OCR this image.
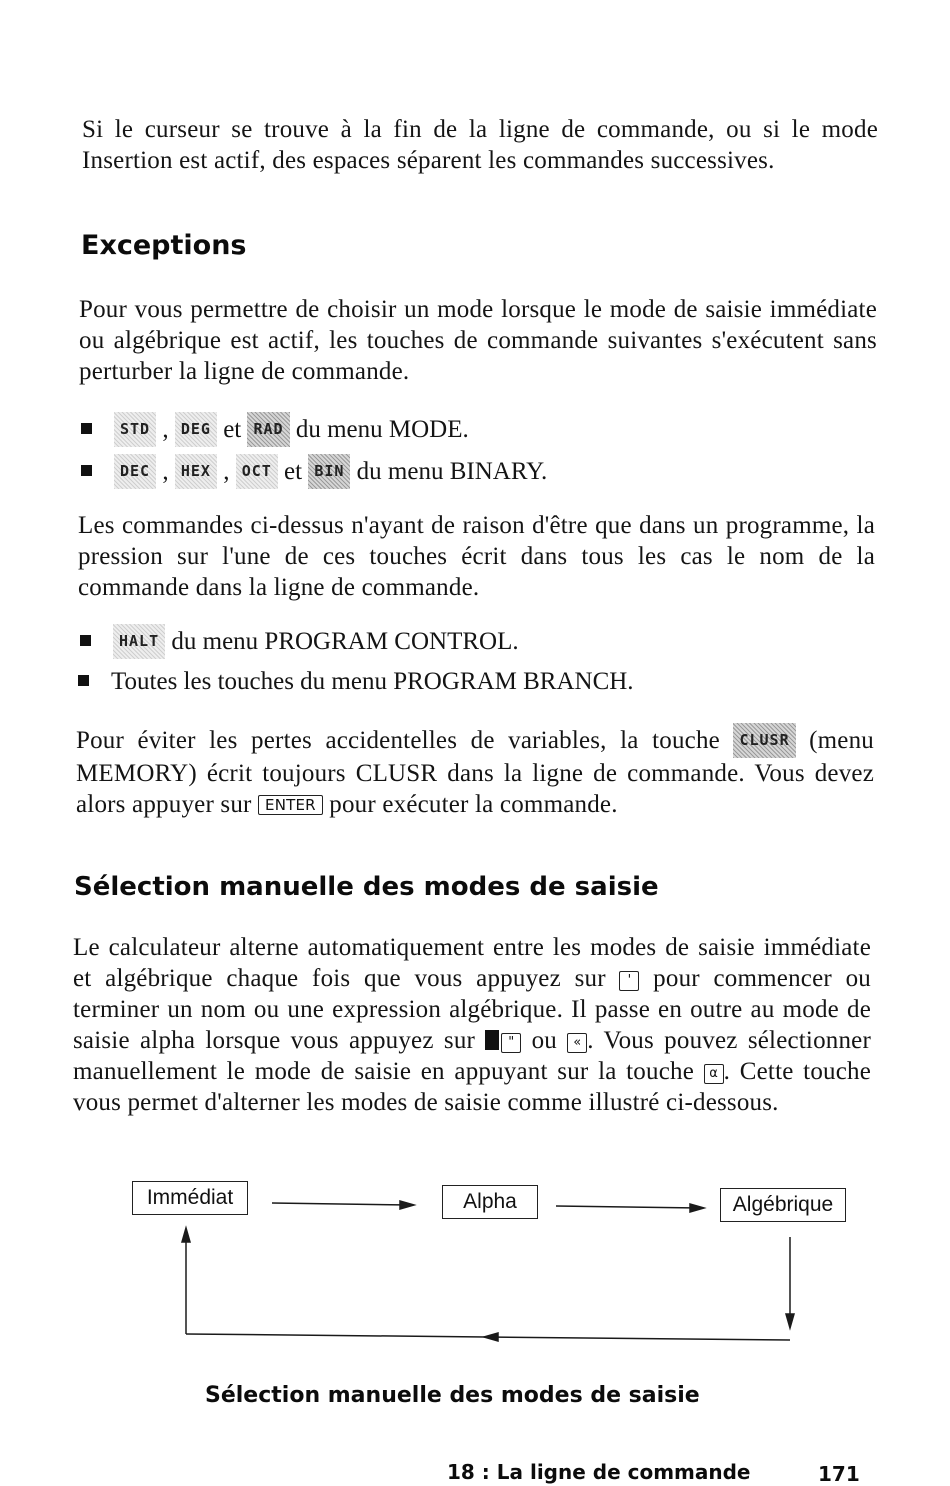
Si le curseur se trouve à la fin de la ligne de commande, ou si le mode Insertion est actif, des espaces séparent les commandes successives.

Exceptions

Pour vous permettre de choisir un mode lorsque le mode de saisie immédiate ou algébrique est actif, les touches de commande suivantes s'exécutent sans perturber la ligne de commande.

STD , DEG et RAD du menu MODE.
DEC , HEX , OCT et BIN du menu BINARY.

Les commandes ci-dessus n'ayant de raison d'être que dans un programme, la pression sur l'une de ces touches écrit dans tous les cas le nom de la commande dans la ligne de commande.

HALT du menu PROGRAM CONTROL.
Toutes les touches du menu PROGRAM BRANCH.

Pour éviter les pertes accidentelles de variables, la touche CLUSR (menu MEMORY) écrit toujours CLUSR dans la ligne de commande. Vous devez alors appuyer sur ENTER pour exécuter la commande.

Sélection manuelle des modes de saisie

Le calculateur alterne automatiquement entre les modes de saisie immédiate et algébrique chaque fois que vous appuyez sur ' pour commencer ou terminer un nom ou une expression algébrique. Il passe en outre au mode de saisie alpha lorsque vous appuyez sur	" ou « . Vous pouvez sélectionner manuellement le mode de saisie en appuyant sur la touche α . Cette touche vous permet d'alterner les modes de saisie comme illustré ci-dessous.

Immédiat	Alpha	Algébrique
Sélection manuelle des modes de saisie
18 : La ligne de commande	171
